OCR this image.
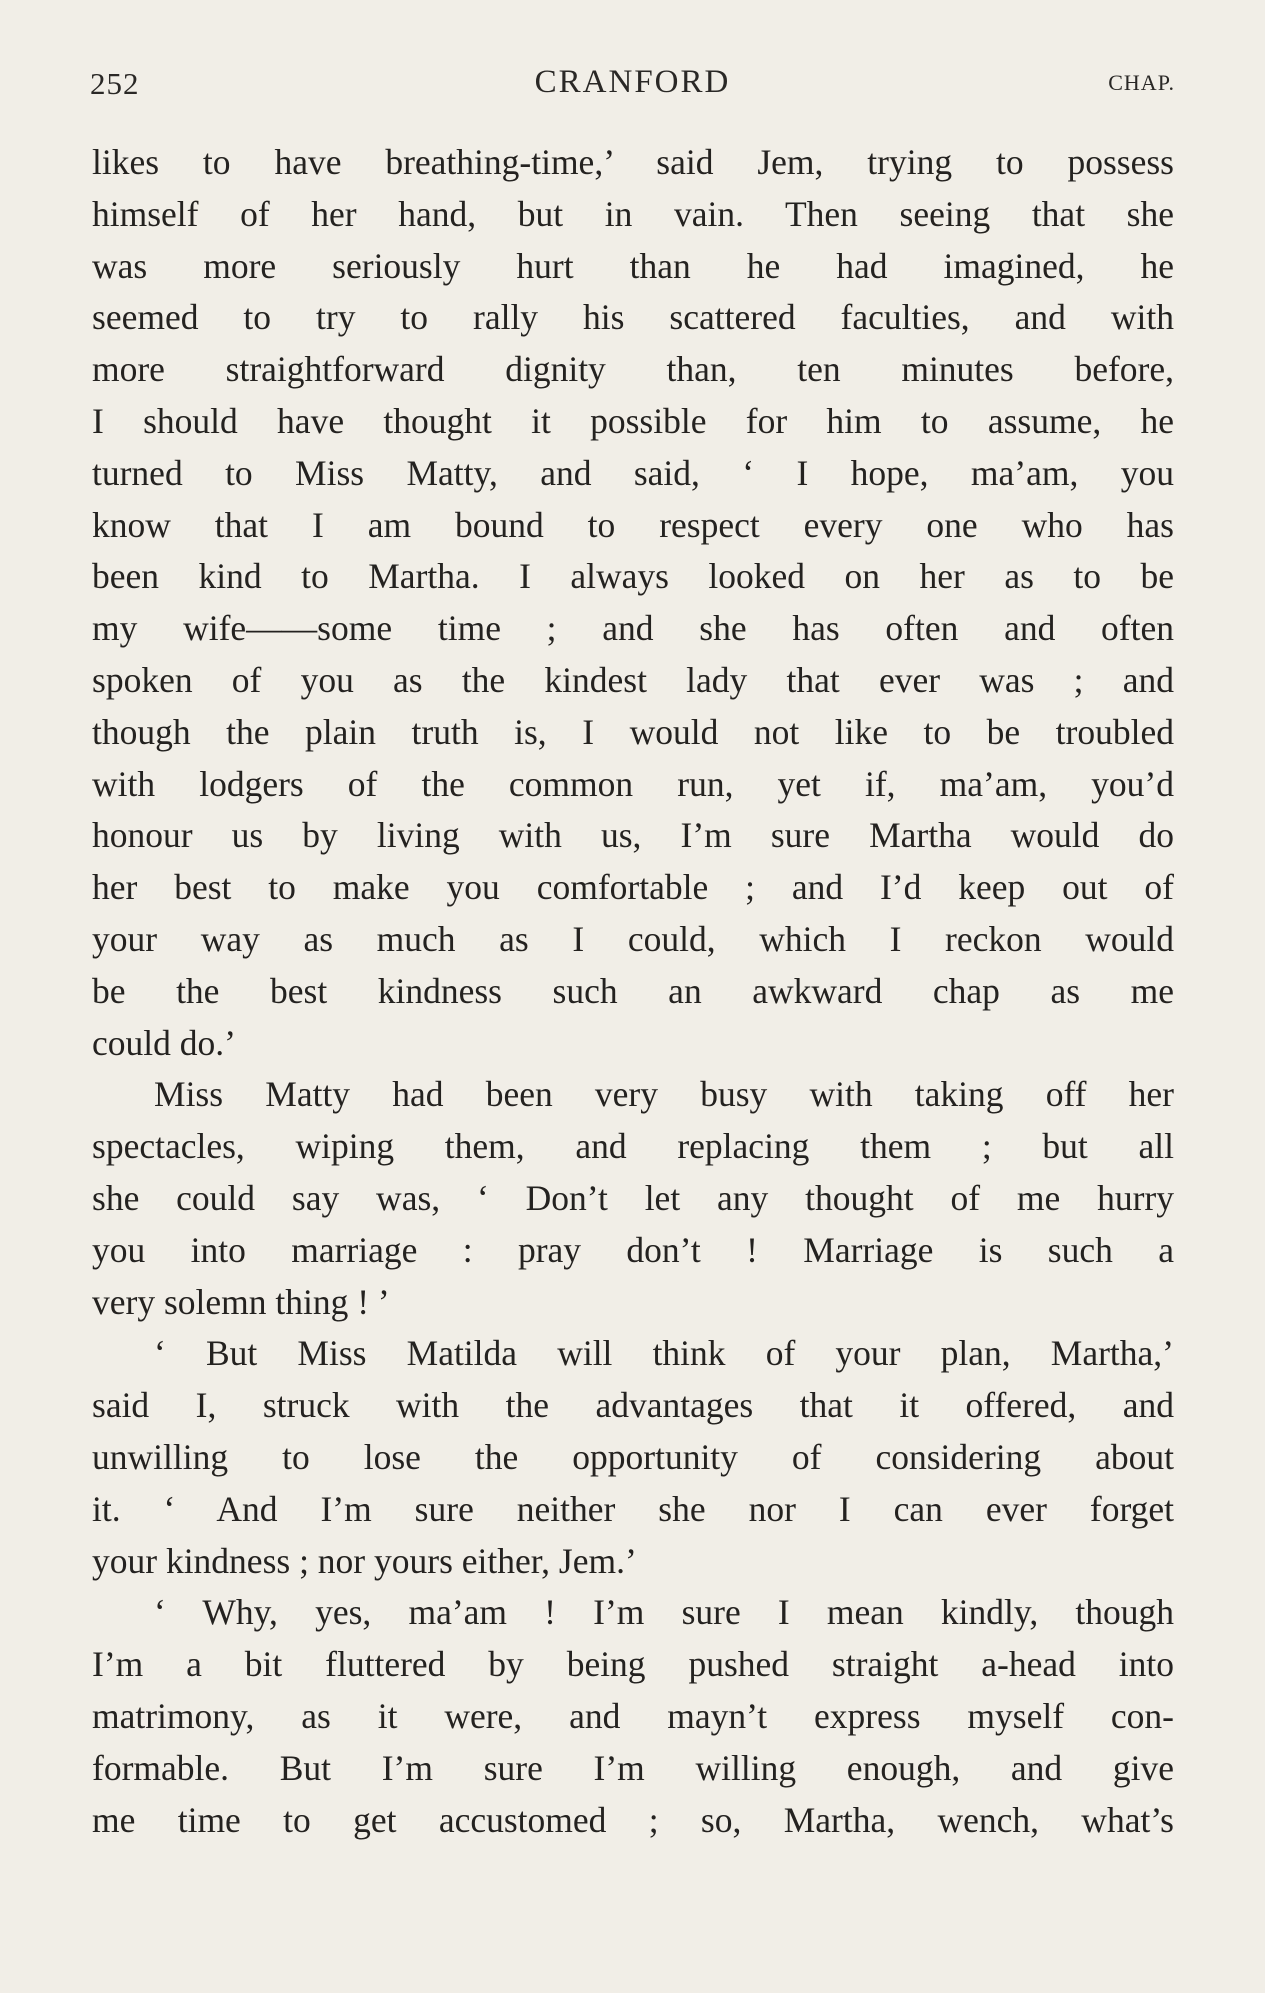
252	CRANFORD	CHAP.
likes to have breathing-time,’ said Jem, trying to possess
himself of her hand, but in vain. Then seeing that she
was more seriously hurt than he had imagined, he
seemed to try to rally his scattered faculties, and with
more straightforward dignity than, ten minutes before,
I should have thought it possible for him to assume, he
turned to Miss Matty, and said, ‘ I hope, ma’am, you
know that I am bound to respect every one who has
been kind to Martha. I always looked on her as to be
my wife——some time ; and she has often and often
spoken of you as the kindest lady that ever was ; and
though the plain truth is, I would not like to be troubled
with lodgers of the common run, yet if, ma’am, you’d
honour us by living with us, I’m sure Martha would do
her best to make you comfortable ; and I’d keep out of
your way as much as I could, which I reckon would
be the best kindness such an awkward chap as me
could do.’
Miss Matty had been very busy with taking off her
spectacles, wiping them, and replacing them ; but all
she could say was, ‘ Don’t let any thought of me hurry
you into marriage : pray don’t ! Marriage is such a
very solemn thing ! ’
‘ But Miss Matilda will think of your plan, Martha,’
said I, struck with the advantages that it offered, and
unwilling to lose the opportunity of considering about
it. ‘ And I’m sure neither she nor I can ever forget
your kindness ; nor yours either, Jem.’
‘ Why, yes, ma’am ! I’m sure I mean kindly, though
I’m a bit fluttered by being pushed straight a-head into
matrimony, as it were, and mayn’t express myself con-
formable. But I’m sure I’m willing enough, and give
me time to get accustomed ; so, Martha, wench, what’s
